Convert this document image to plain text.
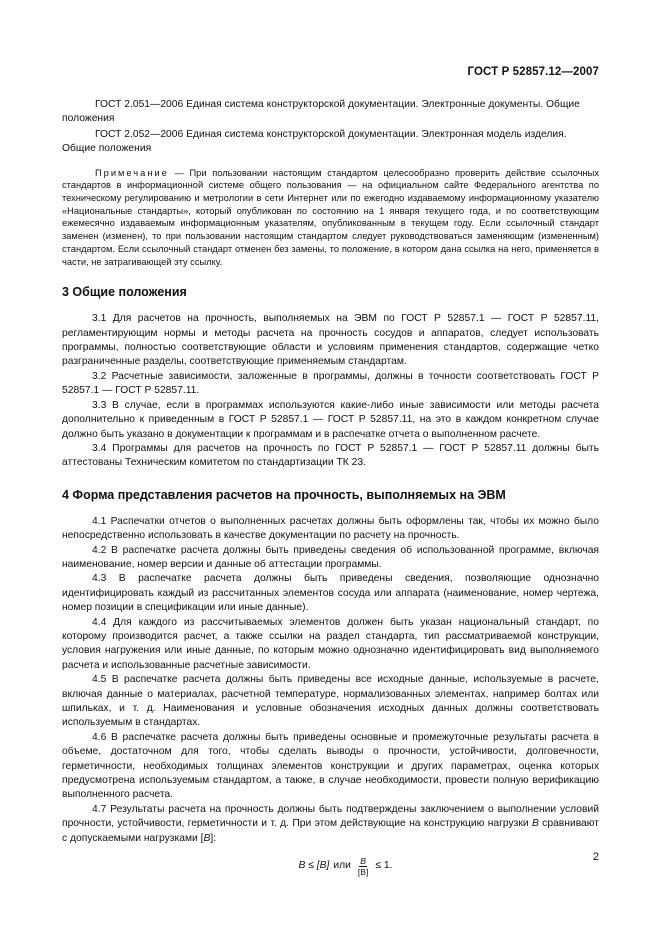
ГОСТ Р 52857.12—2007

ГОСТ 2.051—2006 Единая система конструкторской документации. Электронные документы. Общие положения

ГОСТ 2.052—2006 Единая система конструкторской документации. Электронная модель изделия. Общие положения

Примечание — При пользовании настоящим стандартом целесообразно проверить действие ссылочных стандартов в информационной системе общего пользования — на официальном сайте Федерального агентства по техническому регулированию и метрологии в сети Интернет или по ежегодно издаваемому информационному указателю «Национальные стандарты», который опубликован по состоянию на 1 января текущего года, и по соответствующим ежемесячно издаваемым информационным указателям, опубликованным в текущем году. Если ссылочный стандарт заменен (изменен), то при пользовании настоящим стандартом следует руководствоваться заменяющим (измененным) стандартом. Если ссылочный стандарт отменен без замены, то положение, в котором дана ссылка на него, применяется в части, не затрагивающей эту ссылку.

3 Общие положения

3.1 Для расчетов на прочность, выполняемых на ЭВМ по ГОСТ Р 52857.1 — ГОСТ Р 52857.11, регламентирующим нормы и методы расчета на прочность сосудов и аппаратов, следует использовать программы, полностью соответствующие области и условиям применения стандартов, содержащие четко разграниченные разделы, соответствующие применяемым стандартам.

3.2 Расчетные зависимости, заложенные в программы, должны в точности соответствовать ГОСТ Р 52857.1 — ГОСТ Р 52857.11.

3.3 В случае, если в программах используются какие-либо иные зависимости или методы расчета дополнительно к приведенным в ГОСТ Р 52857.1 — ГОСТ Р 52857.11, на это в каждом конкретном случае должно быть указано в документации к программам и в распечатке отчета о выполненном расчете.

3.4 Программы для расчетов на прочность по ГОСТ Р 52857.1 — ГОСТ Р 52857.11 должны быть аттестованы Техническим комитетом по стандартизации ТК 23.

4 Форма представления расчетов на прочность, выполняемых на ЭВМ

4.1 Распечатки отчетов о выполненных расчетах должны быть оформлены так, чтобы их можно было непосредственно использовать в качестве документации по расчету на прочность.

4.2 В распечатке расчета должны быть приведены сведения об использованной программе, включая наименование, номер версии и данные об аттестации программы.

4.3 В распечатке расчета должны быть приведены сведения, позволяющие однозначно идентифицировать каждый из рассчитанных элементов сосуда или аппарата (наименование, номер чертежа, номер позиции в спецификации или иные данные).

4.4 Для каждого из рассчитываемых элементов должен быть указан национальный стандарт, по которому производится расчет, а также ссылки на раздел стандарта, тип рассматриваемой конструкции, условия нагружения или иные данные, по которым можно однозначно идентифицировать вид выполняемого расчета и использованные расчетные зависимости.

4.5 В распечатке расчета должны быть приведены все исходные данные, используемые в расчете, включая данные о материалах, расчетной температуре, нормализованных элементах, например болтах или шпильках, и т. д. Наименования и условные обозначения исходных данных должны соответствовать используемым в стандартах.

4.6 В распечатке расчета должны быть приведены основные и промежуточные результаты расчета в объеме, достаточном для того, чтобы сделать выводы о прочности, устойчивости, долговечности, герметичности, необходимых толщинах элементов конструкции и других параметрах, оценка которых предусмотрена используемым стандартом, а также, в случае необходимости, провести полную верификацию выполненного расчета.

4.7 Результаты расчета на прочность должны быть подтверждены заключением о выполнении условий прочности, устойчивости, герметичности и т. д. При этом действующие на конструкцию нагрузки B сравнивают с допускаемыми нагрузками [B]:

B ≤ [B] или $\frac{B}{[B]} \le 1$.
2
